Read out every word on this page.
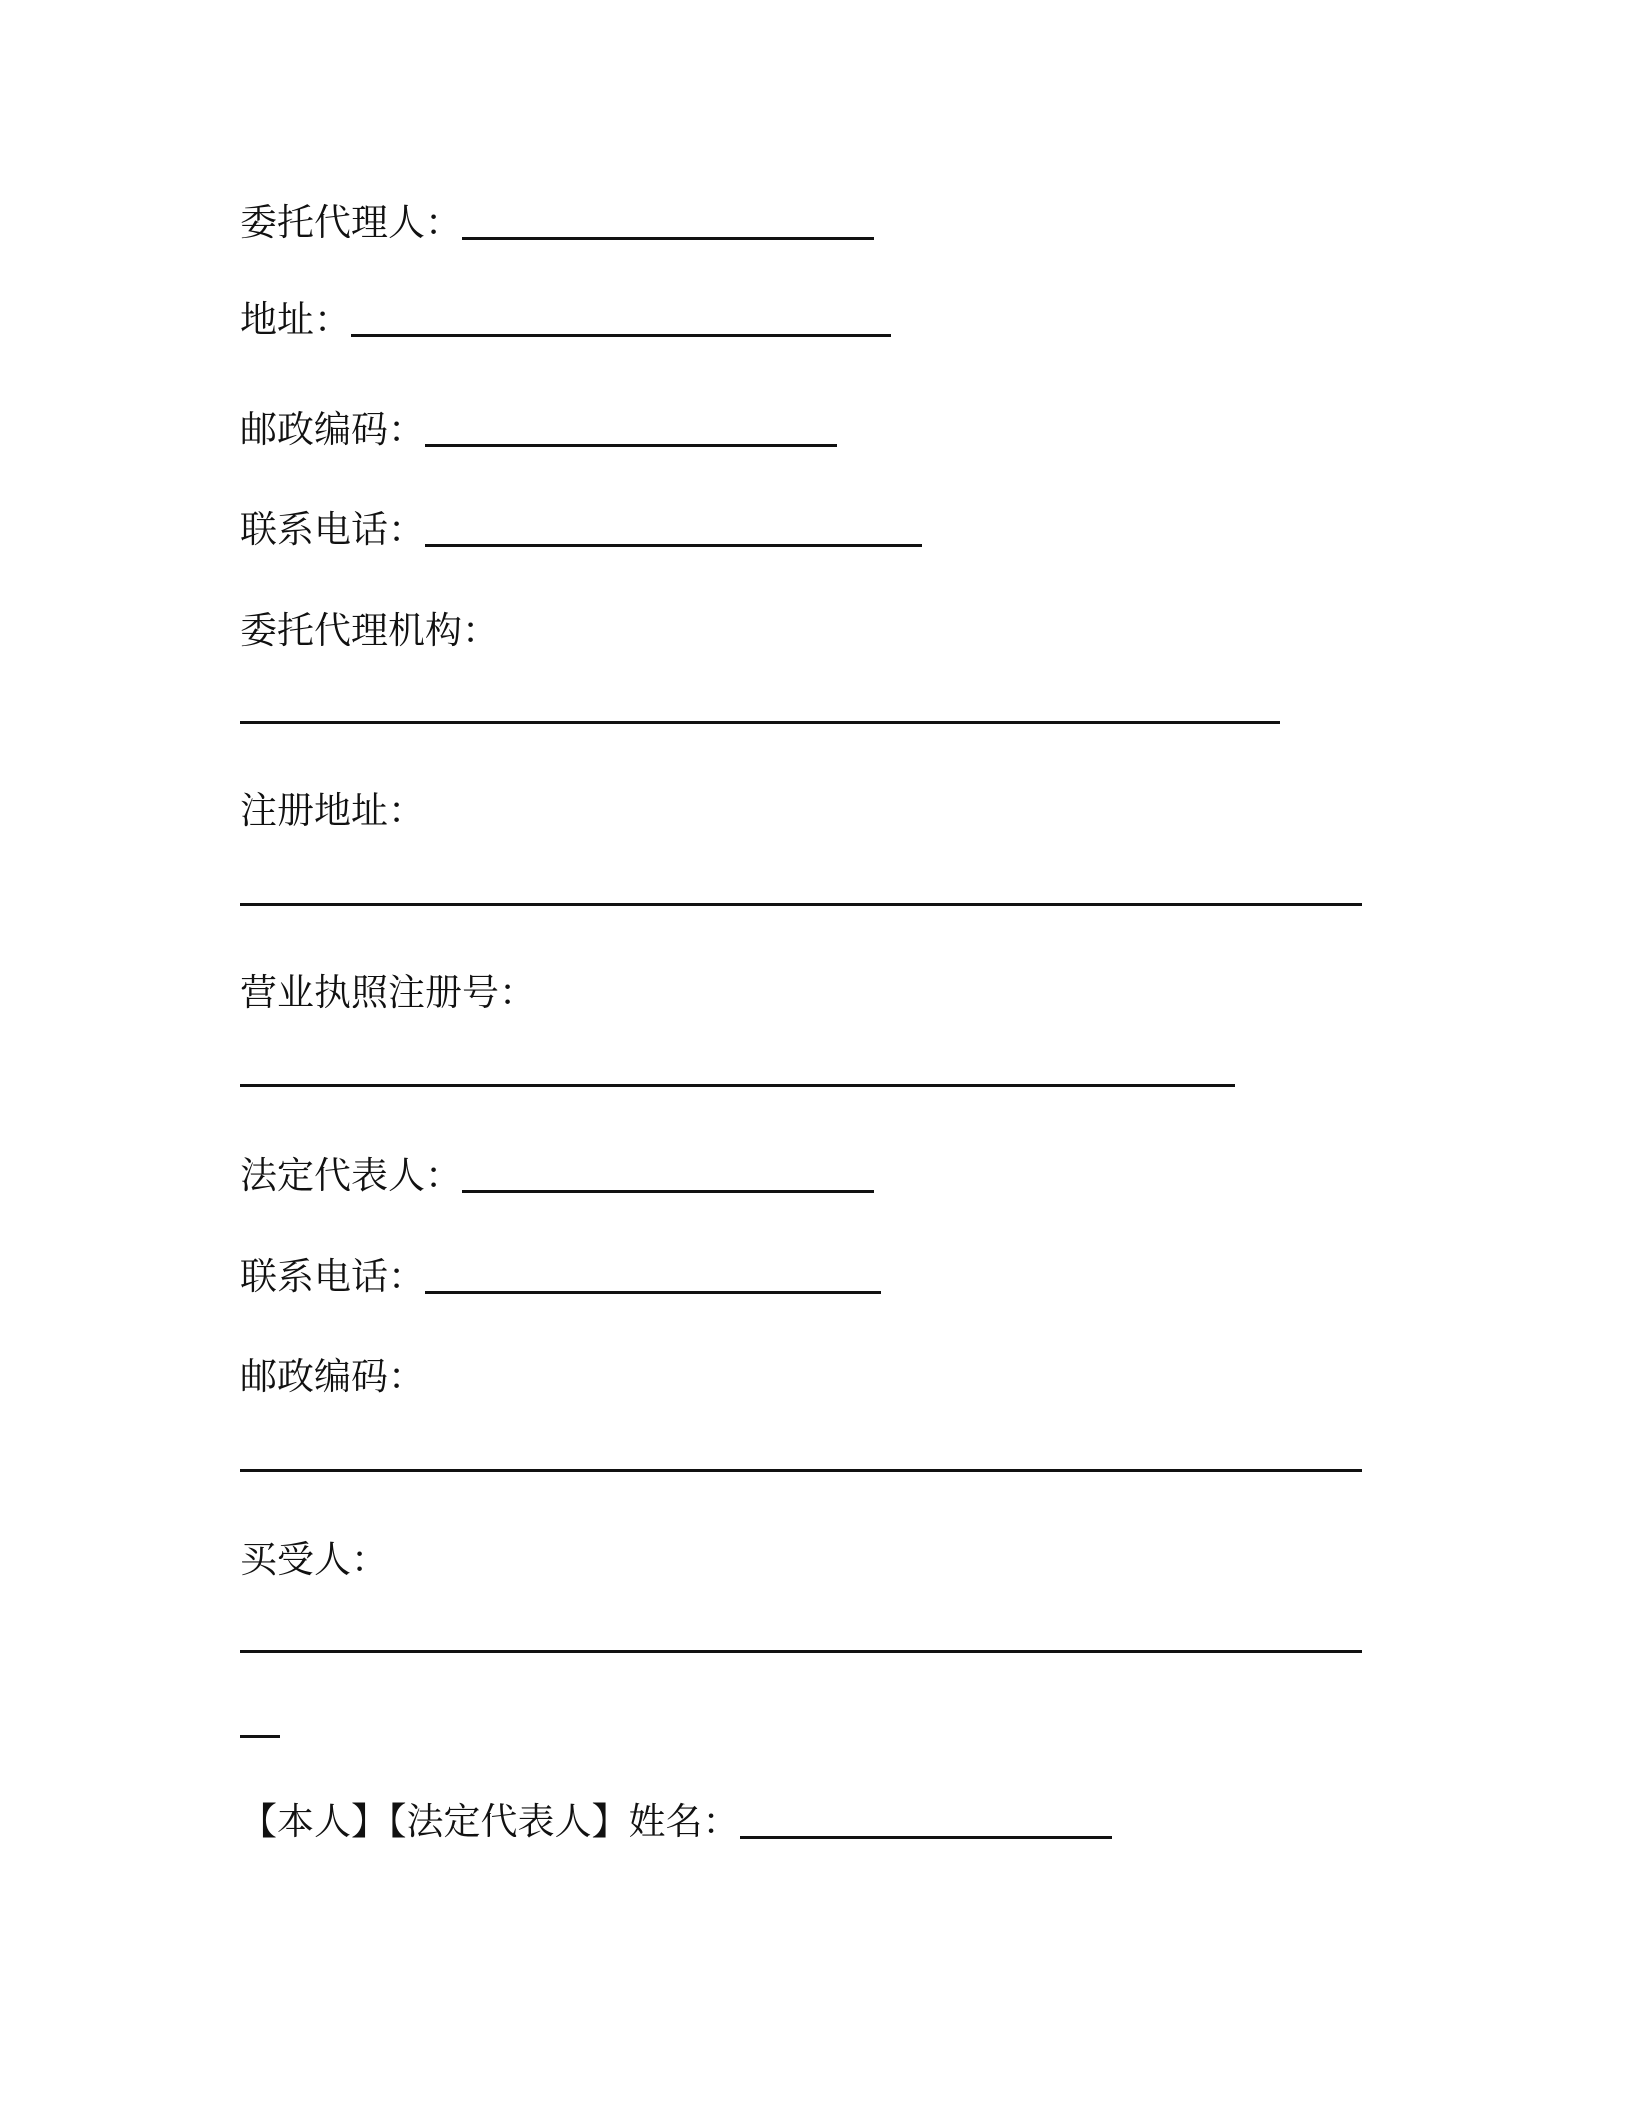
委托代理人：
地址：
邮政编码：
联系电话：
委托代理机构：
注册地址：
营业执照注册号：
法定代表人：
联系电话：
邮政编码：
买受人：
【本人】【法定代表人】姓名：
